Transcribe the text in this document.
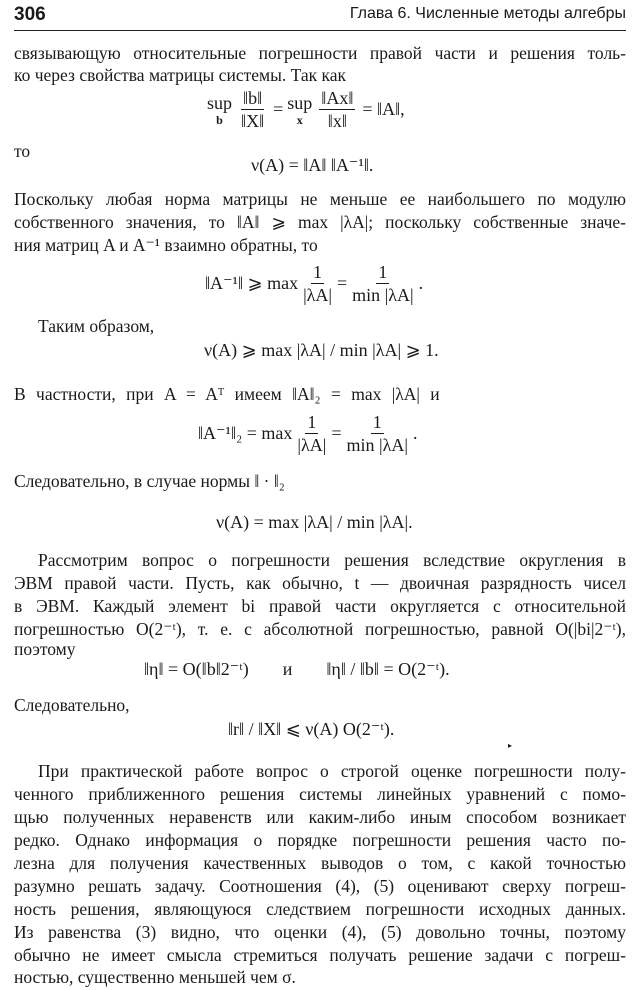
306	Глава 6. Численные методы алгебры
связывающую относительные погрешности правой части и решения толь-
ко через свойства матрицы системы. Так как
sup
b $\frac{‖b‖}{‖X‖}$ = sup
x $\frac{‖Ax‖}{‖x‖}$ = ‖A‖,
то
ν(A) = ‖A‖ ‖A⁻¹‖.
Поскольку любая норма матрицы не меньше ее наибольшего по модулю
собственного значения, то ‖A‖ ⩾ max |λA|; поскольку собственные значе-
ния матриц A и A⁻¹ взаимно обратны, то
‖A⁻¹‖ ⩾ $\max \frac{1}{|\lambda A|} = \frac{1}{\min |\lambda A|}$ .
Таким образом,
ν(A) ⩾ max |λA| / min |λA| ⩾ 1.
В частности, при A = Aᵀ имеем ‖A‖₂ = max |λA| и
‖A⁻¹‖₂ = $\max \frac{1}{|\lambda A|} = \frac{1}{\min |\lambda A|}$ .
Следовательно, в случае нормы ‖ · ‖₂
ν(A) = max |λA| / min |λA|.
Рассмотрим вопрос о погрешности решения вследствие округления в
ЭВМ правой части. Пусть, как обычно, t — двоичная разрядность чисел
в ЭВМ. Каждый элемент bi правой части округляется с относительной
погрешностью O(2⁻ᵗ), т. е. с абсолютной погрешностью, равной O(|bi|2⁻ᵗ),
поэтому
‖η‖ = O(‖b‖2⁻ᵗ) и ‖η‖ / ‖b‖ = O(2⁻ᵗ).
Следовательно,
‖r‖ / ‖X‖ ⩽ ν(A) O(2⁻ᵗ).
При практической работе вопрос о строгой оценке погрешности полу-
ченного приближенного решения системы линейных уравнений с помо-
щью полученных неравенств или каким-либо иным способом возникает
редко. Однако информация о порядке погрешности решения часто по-
лезна для получения качественных выводов о том, с какой точностью
разумно решать задачу. Соотношения (4), (5) оценивают сверху погреш-
ность решения, являющуюся следствием погрешности исходных данных.
Из равенства (3) видно, что оценки (4), (5) довольно точны, поэтому
обычно не имеет смысла стремиться получать решение задачи с погреш-
ностью, существенно меньшей чем σ.
▸
